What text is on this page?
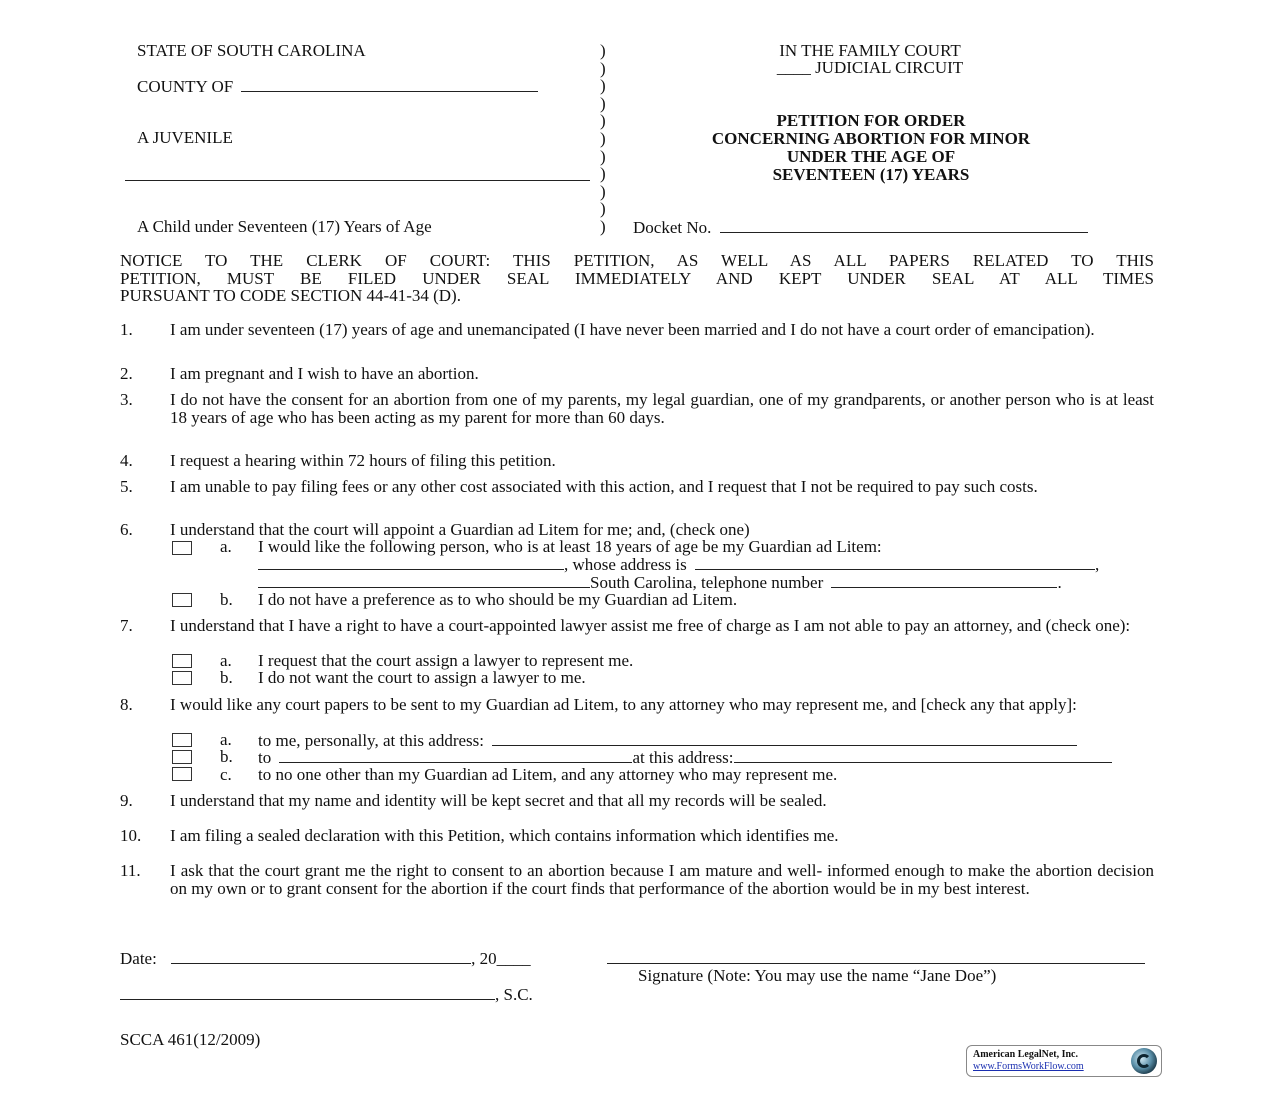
STATE OF SOUTH CAROLINA
COUNTY OF
A JUVENILE
A Child under Seventeen (17) Years of Age
)
)
)
)
)
)
)
)
)
)
)
IN THE FAMILY COURT
____ JUDICIAL CIRCUIT
PETITION FOR ORDER
CONCERNING ABORTION FOR MINOR
UNDER THE AGE OF
SEVENTEEN (17) YEARS
Docket No.
NOTICE TO THE CLERK OF COURT: THIS PETITION, AS WELL AS ALL PAPERS RELATED TO THIS
PETITION, MUST BE FILED UNDER SEAL IMMEDIATELY AND KEPT UNDER SEAL AT ALL TIMES
PURSUANT TO CODE SECTION 44-41-34 (D).
1. I am under seventeen (17) years of age and unemancipated (I have never been married and I do not have a court order of emancipation).
2. I am pregnant and I wish to have an abortion.
3. I do not have the consent for an abortion from one of my parents, my legal guardian, one of my grandparents, or another person who is at least 18 years of age who has been acting as my parent for more than 60 days.
4. I request a hearing within 72 hours of filing this petition.
5. I am unable to pay filing fees or any other cost associated with this action, and I request that I not be required to pay such costs.
6. I understand that the court will appoint a Guardian ad Litem for me; and, (check one)
a. I would like the following person, who is at least 18 years of age be my Guardian ad Litem:
, whose address is	,
South Carolina, telephone number	.
b. I do not have a preference as to who should be my Guardian ad Litem.
7. I understand that I have a right to have a court-appointed lawyer assist me free of charge as I am not able to pay an attorney, and (check one):
a. I request that the court assign a lawyer to represent me.
b. I do not want the court to assign a lawyer to me.
8. I would like any court papers to be sent to my Guardian ad Litem, to any attorney who may represent me, and [check any that apply]:
a. to me, personally, at this address:
b. to	at this address:
c. to no one other than my Guardian ad Litem, and any attorney who may represent me.
9. I understand that my name and identity will be kept secret and that all my records will be sealed.
10. I am filing a sealed declaration with this Petition, which contains information which identifies me.
11. I ask that the court grant me the right to consent to an abortion because I am mature and well- informed enough to make the abortion decision on my own or to grant consent for the abortion if the court finds that performance of the abortion would be in my best interest.
Date:	, 20____
Signature (Note: You may use the name “Jane Doe”)
, S.C.
SCCA 461(12/2009)
American LegalNet, Inc.
www.FormsWorkFlow.com
